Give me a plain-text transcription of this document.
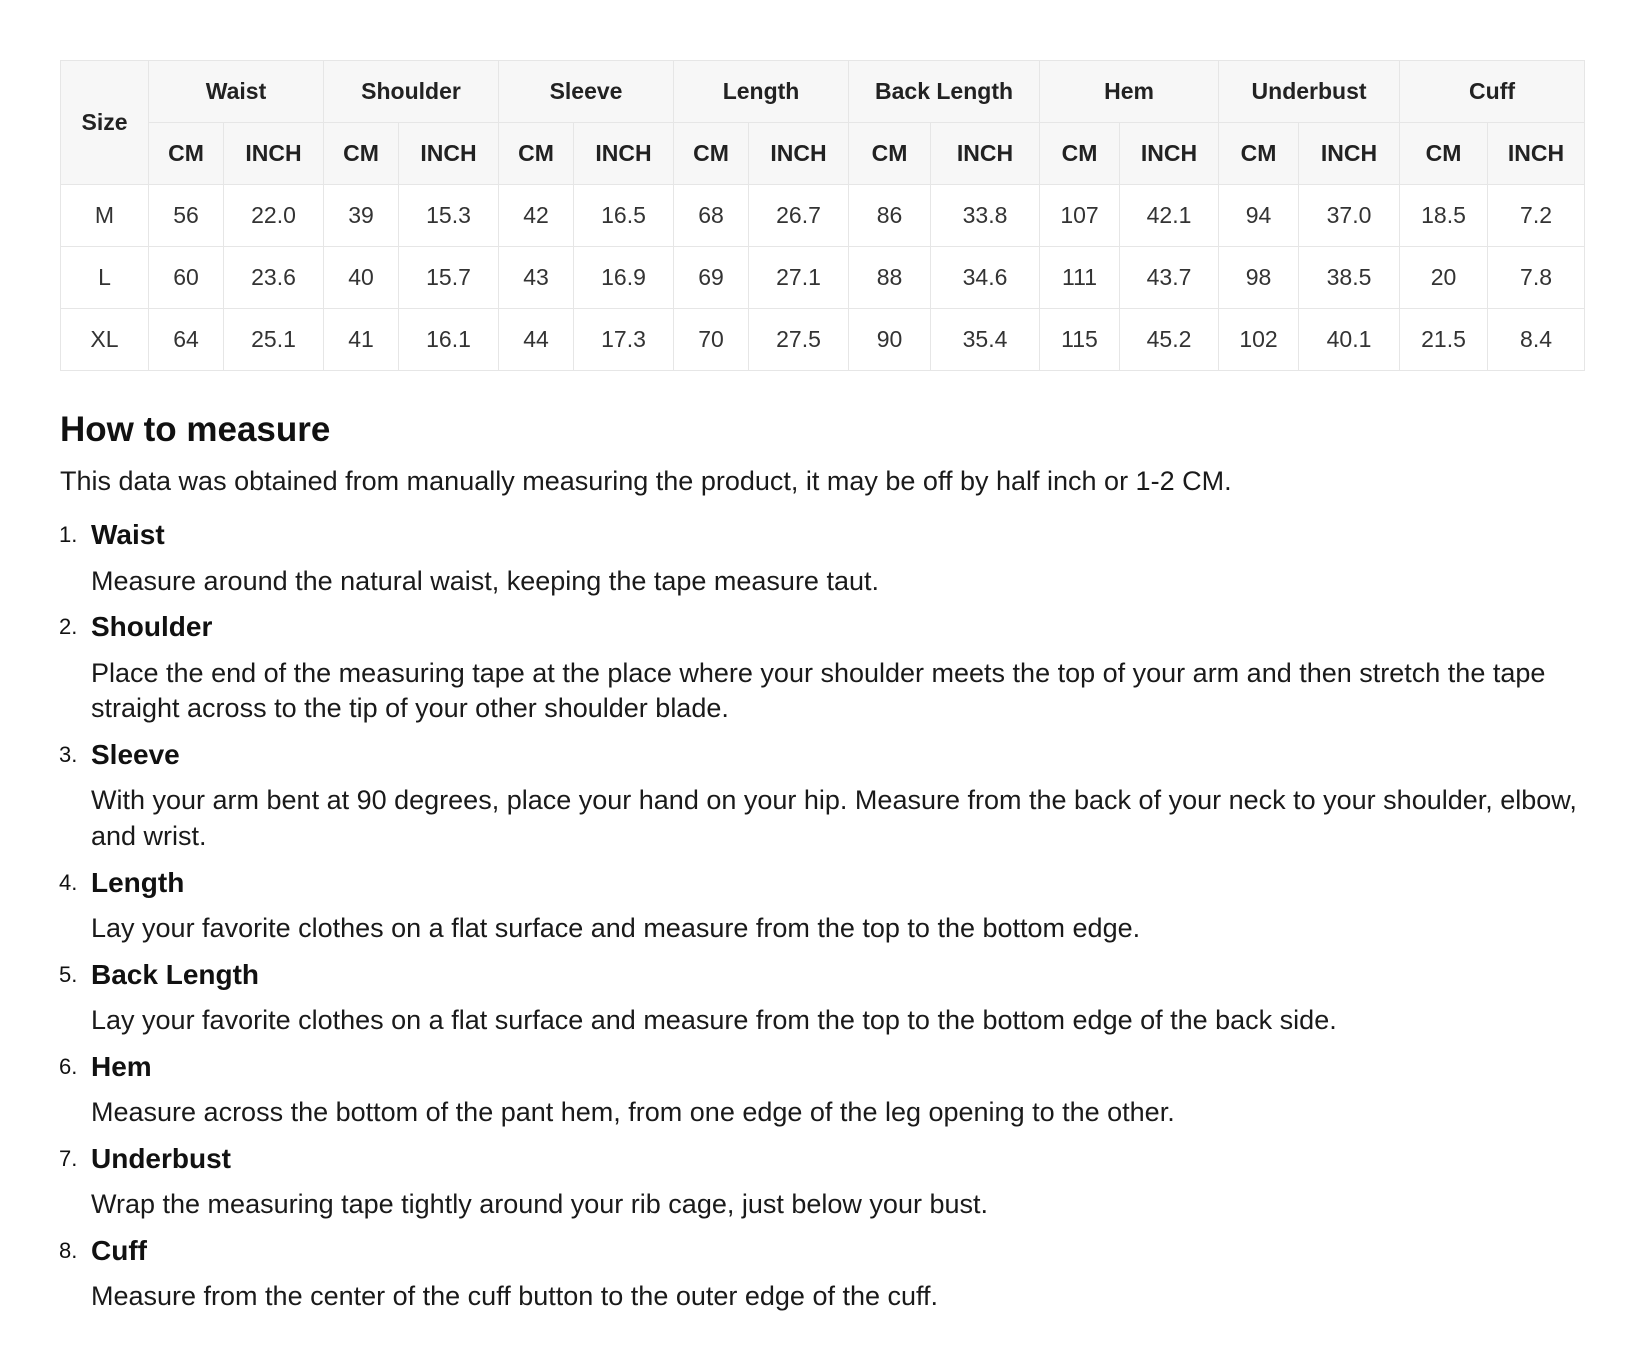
Size	Waist		Shoulder		Sleeve		Length		Back Length		Hem		Underbust		Cuff	
	CM	INCH	CM	INCH	CM	INCH	CM	INCH	CM	INCH	CM	INCH	CM	INCH	CM	INCH
M	56	22.0	39	15.3	42	16.5	68	26.7	86	33.8	107	42.1	94	37.0	18.5	7.2
L	60	23.6	40	15.7	43	16.9	69	27.1	88	34.6	111	43.7	98	38.5	20	7.8
XL	64	25.1	41	16.1	44	17.3	70	27.5	90	35.4	115	45.2	102	40.1	21.5	8.4
How to measure

This data was obtained from manually measuring the product, it may be off by half inch or 1-2 CM.

1. Waist
Measure around the natural waist, keeping the tape measure taut.
2. Shoulder
Place the end of the measuring tape at the place where your shoulder meets the top of your arm and then stretch the tape straight across to the tip of your other shoulder blade.
3. Sleeve
With your arm bent at 90 degrees, place your hand on your hip. Measure from the back of your neck to your shoulder, elbow, and wrist.
4. Length
Lay your favorite clothes on a flat surface and measure from the top to the bottom edge.
5. Back Length
Lay your favorite clothes on a flat surface and measure from the top to the bottom edge of the back side.
6. Hem
Measure across the bottom of the pant hem, from one edge of the leg opening to the other.
7. Underbust
Wrap the measuring tape tightly around your rib cage, just below your bust.
8. Cuff
Measure from the center of the cuff button to the outer edge of the cuff.
